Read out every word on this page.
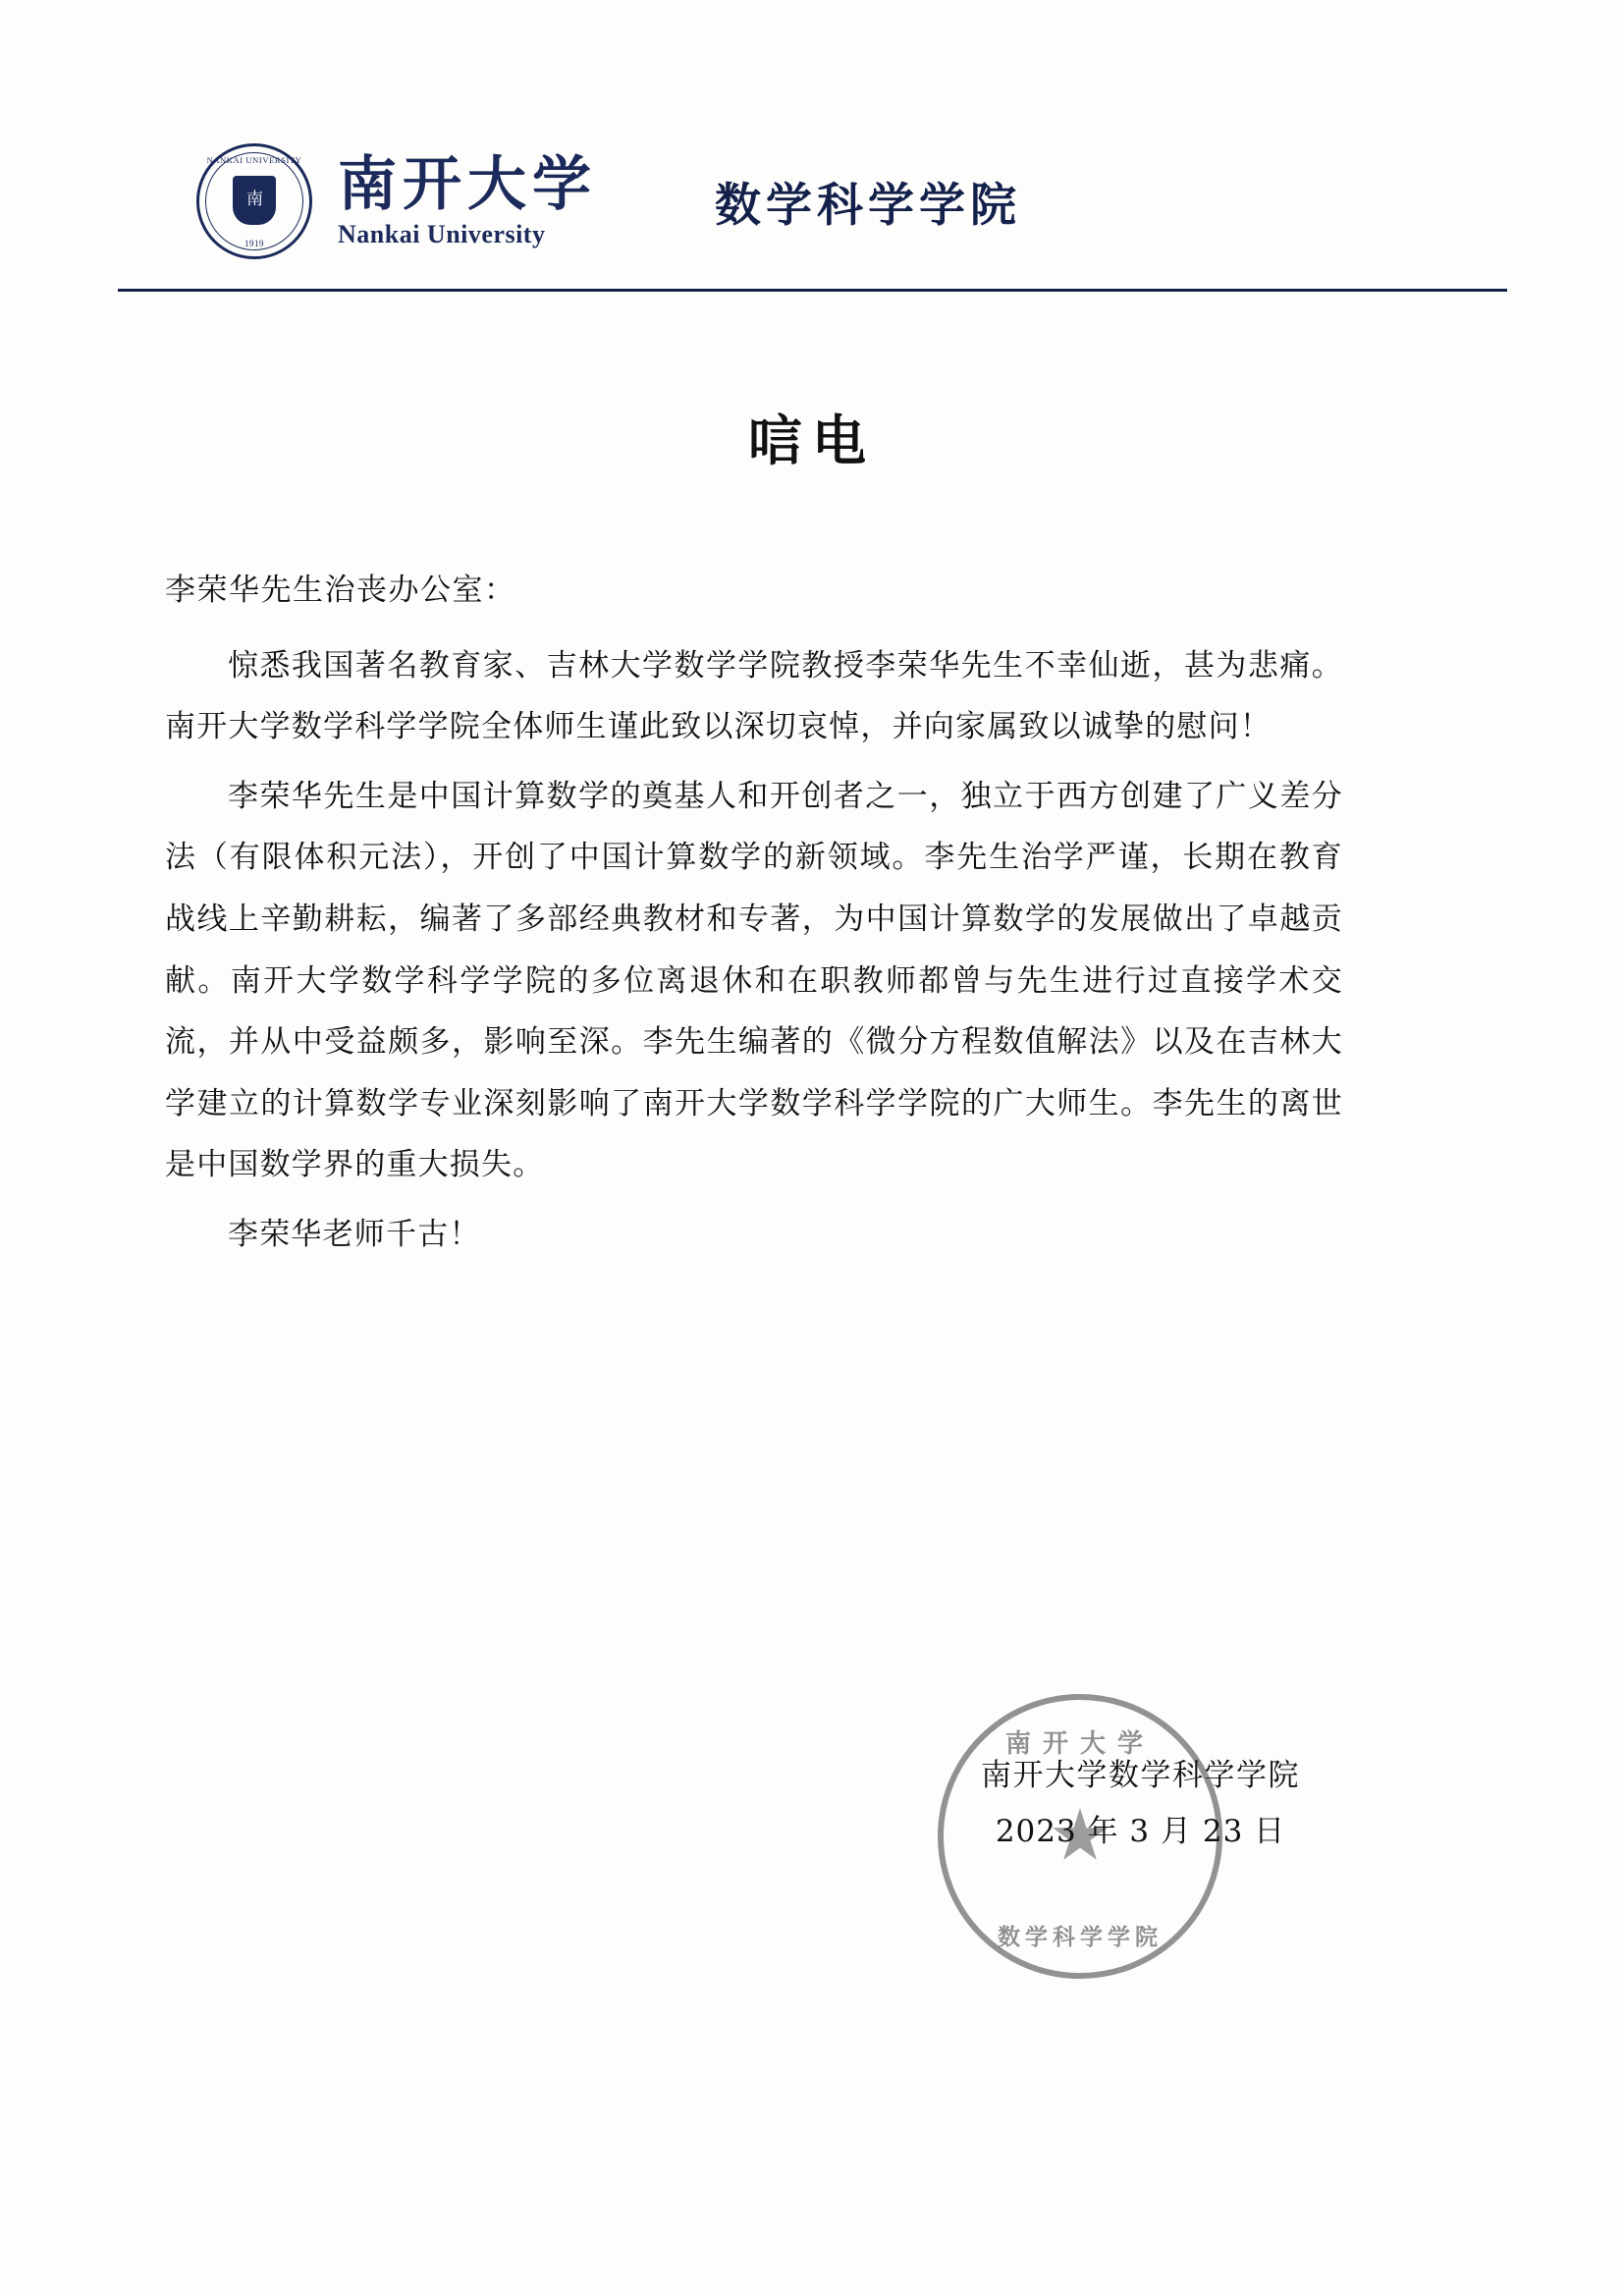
NANKAI UNIVERSITY
南
1919
南开大学
Nankai University
数学科学学院
唁电
李荣华先生治丧办公室：

惊悉我国著名教育家、吉林大学数学学院教授李荣华先生不幸仙逝，甚为悲痛。南开大学数学科学学院全体师生谨此致以深切哀悼，并向家属致以诚挚的慰问！

李荣华先生是中国计算数学的奠基人和开创者之一，独立于西方创建了广义差分法（有限体积元法），开创了中国计算数学的新领域。李先生治学严谨，长期在教育战线上辛勤耕耘，编著了多部经典教材和专著，为中国计算数学的发展做出了卓越贡献。南开大学数学科学学院的多位离退休和在职教师都曾与先生进行过直接学术交流，并从中受益颇多，影响至深。李先生编著的《微分方程数值解法》以及在吉林大学建立的计算数学专业深刻影响了南开大学数学科学学院的广大师生。李先生的离世是中国数学界的重大损失。

李荣华老师千古！

南开大学
数学科学学院
南开大学数学科学学院
2023 年 3 月 23 日
